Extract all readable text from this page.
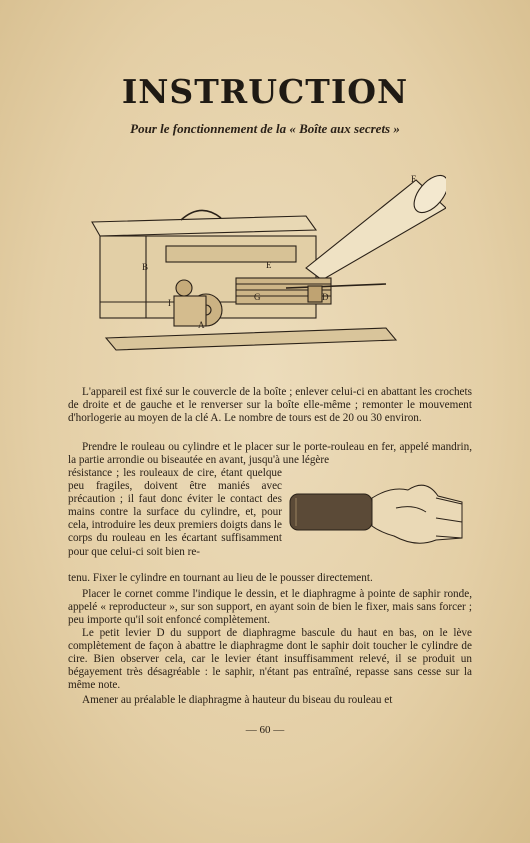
INSTRUCTION
Pour le fonctionnement de la « Boîte aux secrets »
B	E
G	D
A
I
F
L'appareil est fixé sur le couvercle de la boîte ; enlever celui-ci en abattant les crochets de droite et de gauche et le renverser sur la boîte elle-même ; remonter le mouvement d'horlogerie au moyen de la clé A. Le nombre de tours est de 20 ou 30 environ.
Prendre le rouleau ou cylindre et le placer sur le porte-rouleau en fer, appelé mandrin, la partie arrondie ou biseautée en avant, jusqu'à une légère
résistance ; les rouleaux de cire, étant quelque peu fragiles, doivent être maniés avec précaution ; il faut donc éviter le contact des mains contre la surface du cylindre, et, pour cela, introduire les deux premiers doigts dans le corps du rouleau en les écartant suffisamment pour que celui-ci soit bien re-
tenu. Fixer le cylindre en tournant au lieu de le pousser directement.
Placer le cornet comme l'indique le dessin, et le diaphragme à pointe de saphir ronde, appelé « reproducteur », sur son support, en ayant soin de bien le fixer, mais sans forcer ; peu importe qu'il soit enfoncé complètement.
Le petit levier D du support de diaphragme bascule du haut en bas, on le lève complètement de façon à abattre le diaphragme dont le saphir doit toucher le cylindre de cire. Bien observer cela, car le levier étant insuffisamment relevé, il se produit un bégayement très désagréable : le saphir, n'étant pas entraîné, repasse sans cesse sur la même note.
Amener au préalable le diaphragme à hauteur du biseau du rouleau et
— 60 —
